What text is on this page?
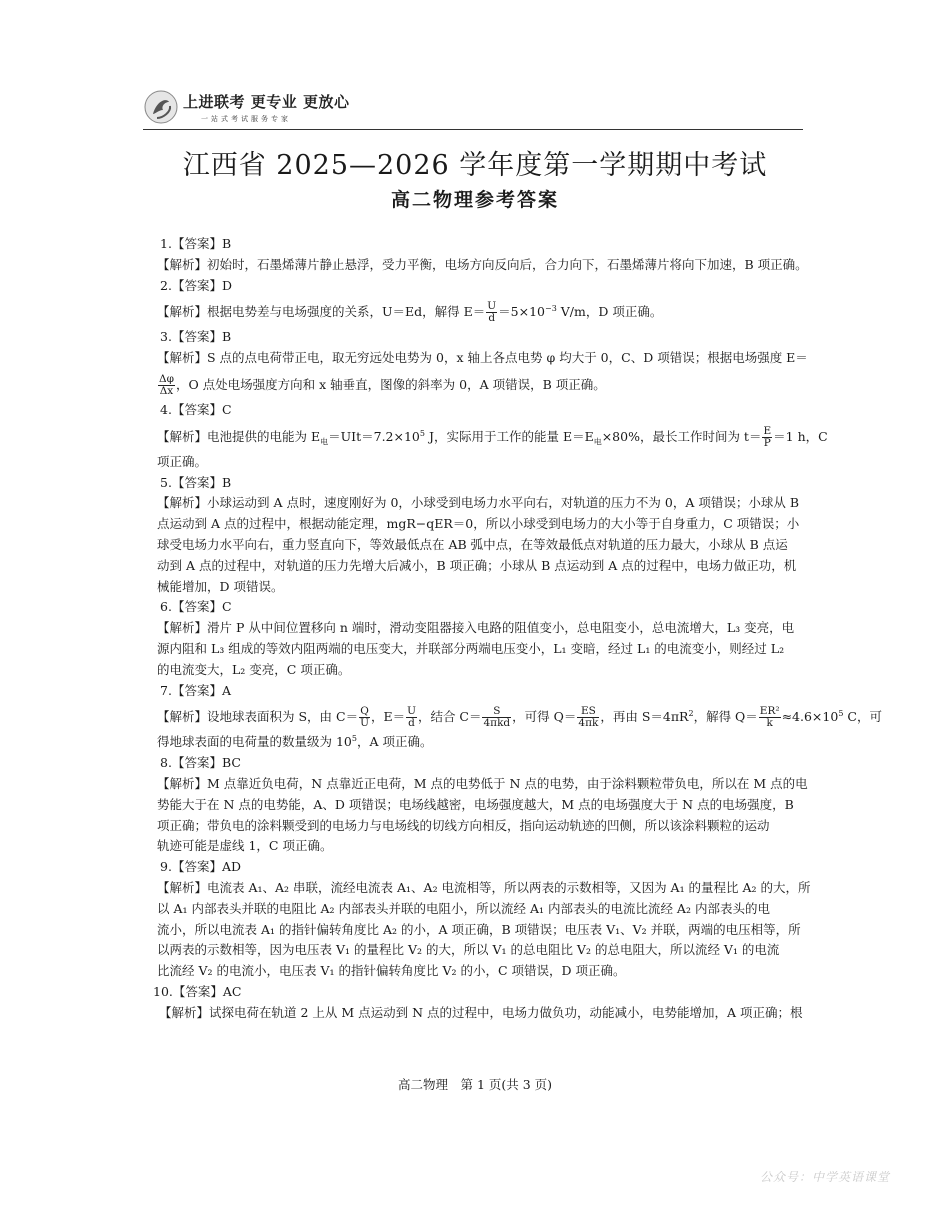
上进联考 更专业 更放心
一站式考试服务专家
江西省 2025—2026 学年度第一学期期中考试
高二物理参考答案
1.【答案】B
【解析】初始时，石墨烯薄片静止悬浮，受力平衡，电场方向反向后，合力向下，石墨烯薄片将向下加速，B 项正确。
2.【答案】D
【解析】根据电势差与电场强度的关系，U＝Ed，解得 $E= \frac{U}{d} =5\times 10^{-3}$ V/m，D 项正确。
3.【答案】B
【解析】S 点的点电荷带正电，取无穷远处电势为 0，x 轴上各点电势 φ 均大于 0，C、D 项错误；根据电场强度 E＝
$\frac{\Delta\varphi}{\Delta x}$ ，O 点处电场强度方向和 x 轴垂直，图像的斜率为 0，A 项错误，B 项正确。
4.【答案】C
【解析】电池提供的电能为 $E_电=UIt=7.2\times 10^5$ J，实际用于工作的能量 $E=E_电\times 80\%$，最长工作时间为 $t= \frac{E}{P} =1$ h，C
项正确。
5.【答案】B
【解析】小球运动到 A 点时，速度刚好为 0，小球受到电场力水平向右，对轨道的压力不为 0，A 项错误；小球从 B
点运动到 A 点的过程中，根据动能定理，mgR−qER＝0，所以小球受到电场力的大小等于自身重力，C 项错误；小
球受电场力水平向右，重力竖直向下，等效最低点在 AB 弧中点，在等效最低点对轨道的压力最大，小球从 B 点运
动到 A 点的过程中，对轨道的压力先增大后减小，B 项正确；小球从 B 点运动到 A 点的过程中，电场力做正功，机
械能增加，D 项错误。
6.【答案】C
【解析】滑片 P 从中间位置移向 n 端时，滑动变阻器接入电路的阻值变小，总电阻变小，总电流增大，L₃ 变亮，电
源内阻和 L₃ 组成的等效内阻两端的电压变大，并联部分两端电压变小，L₁ 变暗，经过 L₁ 的电流变小，则经过 L₂
的电流变大，L₂ 变亮，C 项正确。
7.【答案】A
【解析】设地球表面积为 S，由 $C= \frac{Q}{U}$ ，$E= \frac{U}{d}$ ，结合 $C= \frac{S}{\text{4πkd}}$ ，可得 $Q= \frac{ES}{4\pi k}$ ，再由 $S=4\pi R^2$，解得 $Q= \frac{\text{ER²}}{k} \approx 4.6\times 10^5$ C，可
得地球表面的电荷量的数量级为 $10^5$，A 项正确。
8.【答案】BC
【解析】M 点靠近负电荷，N 点靠近正电荷，M 点的电势低于 N 点的电势，由于涂料颗粒带负电，所以在 M 点的电
势能大于在 N 点的电势能，A、D 项错误；电场线越密，电场强度越大，M 点的电场强度大于 N 点的电场强度，B
项正确；带负电的涂料颗受到的电场力与电场线的切线方向相反，指向运动轨迹的凹侧，所以该涂料颗粒的运动
轨迹可能是虚线 1，C 项正确。
9.【答案】AD
【解析】电流表 A₁、A₂ 串联，流经电流表 A₁、A₂ 电流相等，所以两表的示数相等，又因为 A₁ 的量程比 A₂ 的大，所
以 A₁ 内部表头并联的电阻比 A₂ 内部表头并联的电阻小，所以流经 A₁ 内部表头的电流比流经 A₂ 内部表头的电
流小，所以电流表 A₁ 的指针偏转角度比 A₂ 的小，A 项正确，B 项错误；电压表 V₁、V₂ 并联，两端的电压相等，所
以两表的示数相等，因为电压表 V₁ 的量程比 V₂ 的大，所以 V₁ 的总电阻比 V₂ 的总电阻大，所以流经 V₁ 的电流
比流经 V₂ 的电流小，电压表 V₁ 的指针偏转角度比 V₂ 的小，C 项错误，D 项正确。
10.【答案】AC
【解析】试探电荷在轨道 2 上从 M 点运动到 N 点的过程中，电场力做负功，动能减小，电势能增加，A 项正确；根
高二物理　第 1 页(共 3 页)
公众号：中学英语课堂
